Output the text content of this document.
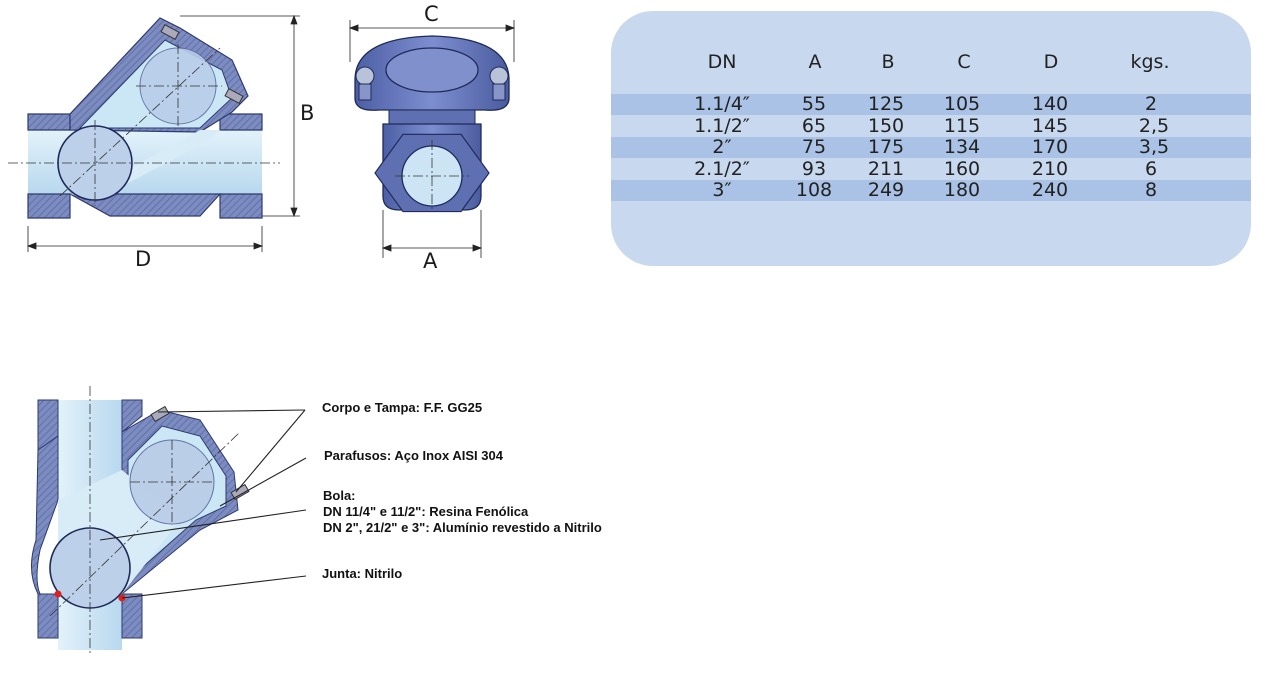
B
D
C
A
DN	A	B	C	D	kgs.
1.1/4″	55	125	105	140	2
1.1/2″	65	150	115	145	2,5
2″	75	175	134	170	3,5
2.1/2″	93	211	160	210	6
3″	108	249	180	240	8
Corpo e Tampa: F.F. GG25
Parafusos: Aço Inox AISI 304
Bola:
DN 11/4" e 11/2": Resina Fenólica
DN 2", 21/2" e 3": Alumínio revestido a Nitrilo
Junta: Nitrilo
